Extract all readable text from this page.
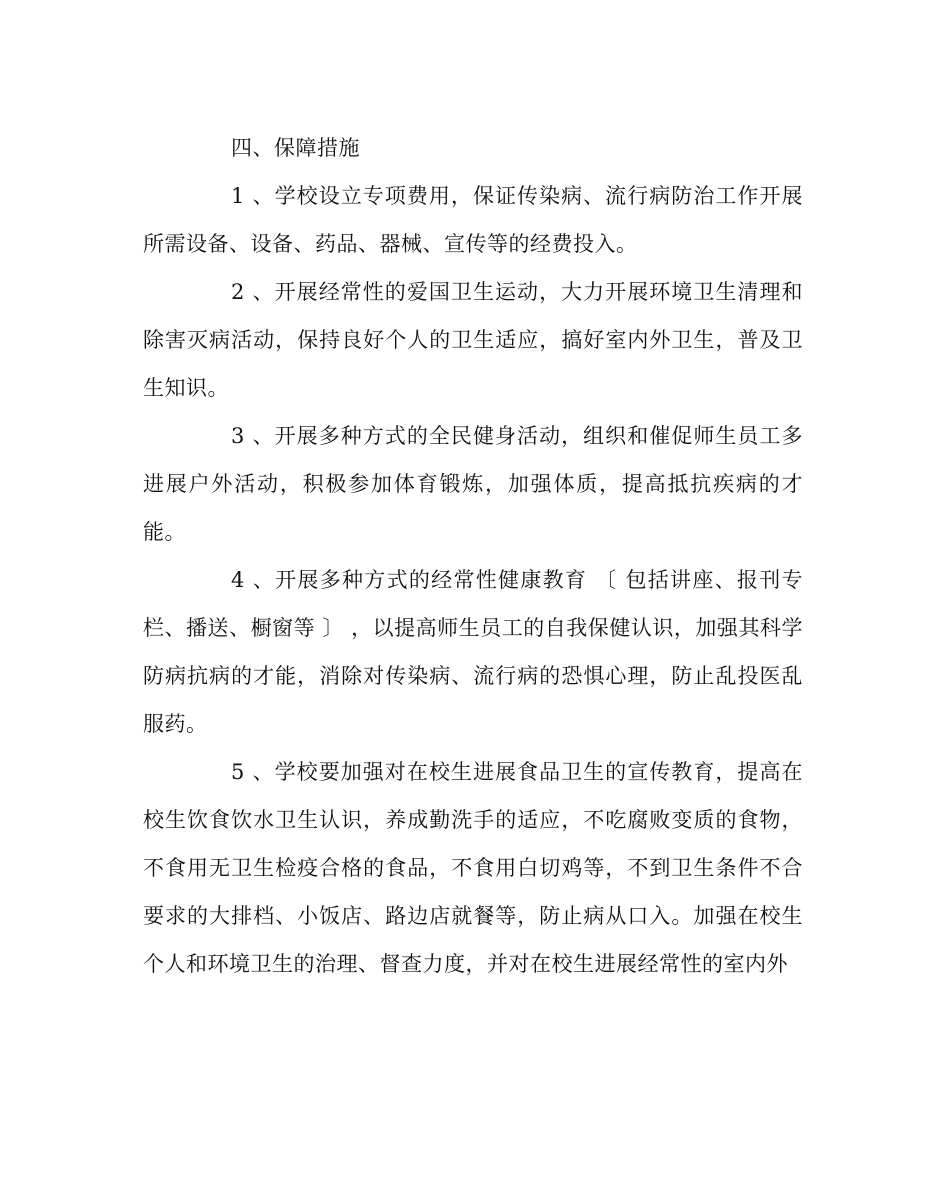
四、保障措施

1 、学校设立专项费用，保证传染病、流行病防治工作开展所需设备、设备、药品、器械、宣传等的经费投入。

2 、开展经常性的爱国卫生运动，大力开展环境卫生清理和除害灭病活动，保持良好个人的卫生适应，搞好室内外卫生，普及卫生知识。

3 、开展多种方式的全民健身活动，组织和催促师生员工多进展户外活动，积极参加体育锻炼，加强体质，提高抵抗疾病的才能。

4 、开展多种方式的经常性健康教育 〔 包括讲座、报刊专栏、播送、橱窗等 〕 ，以提高师生员工的自我保健认识，加强其科学防病抗病的才能，消除对传染病、流行病的恐惧心理，防止乱投医乱服药。

5 、学校要加强对在校生进展食品卫生的宣传教育，提高在校生饮食饮水卫生认识，养成勤洗手的适应，不吃腐败变质的食物，不食用无卫生检疫合格的食品，不食用白切鸡等，不到卫生条件不合要求的大排档、小饭店、路边店就餐等，防止病从口入。加强在校生个人和环境卫生的治理、督查力度，并对在校生进展经常性的室内外
